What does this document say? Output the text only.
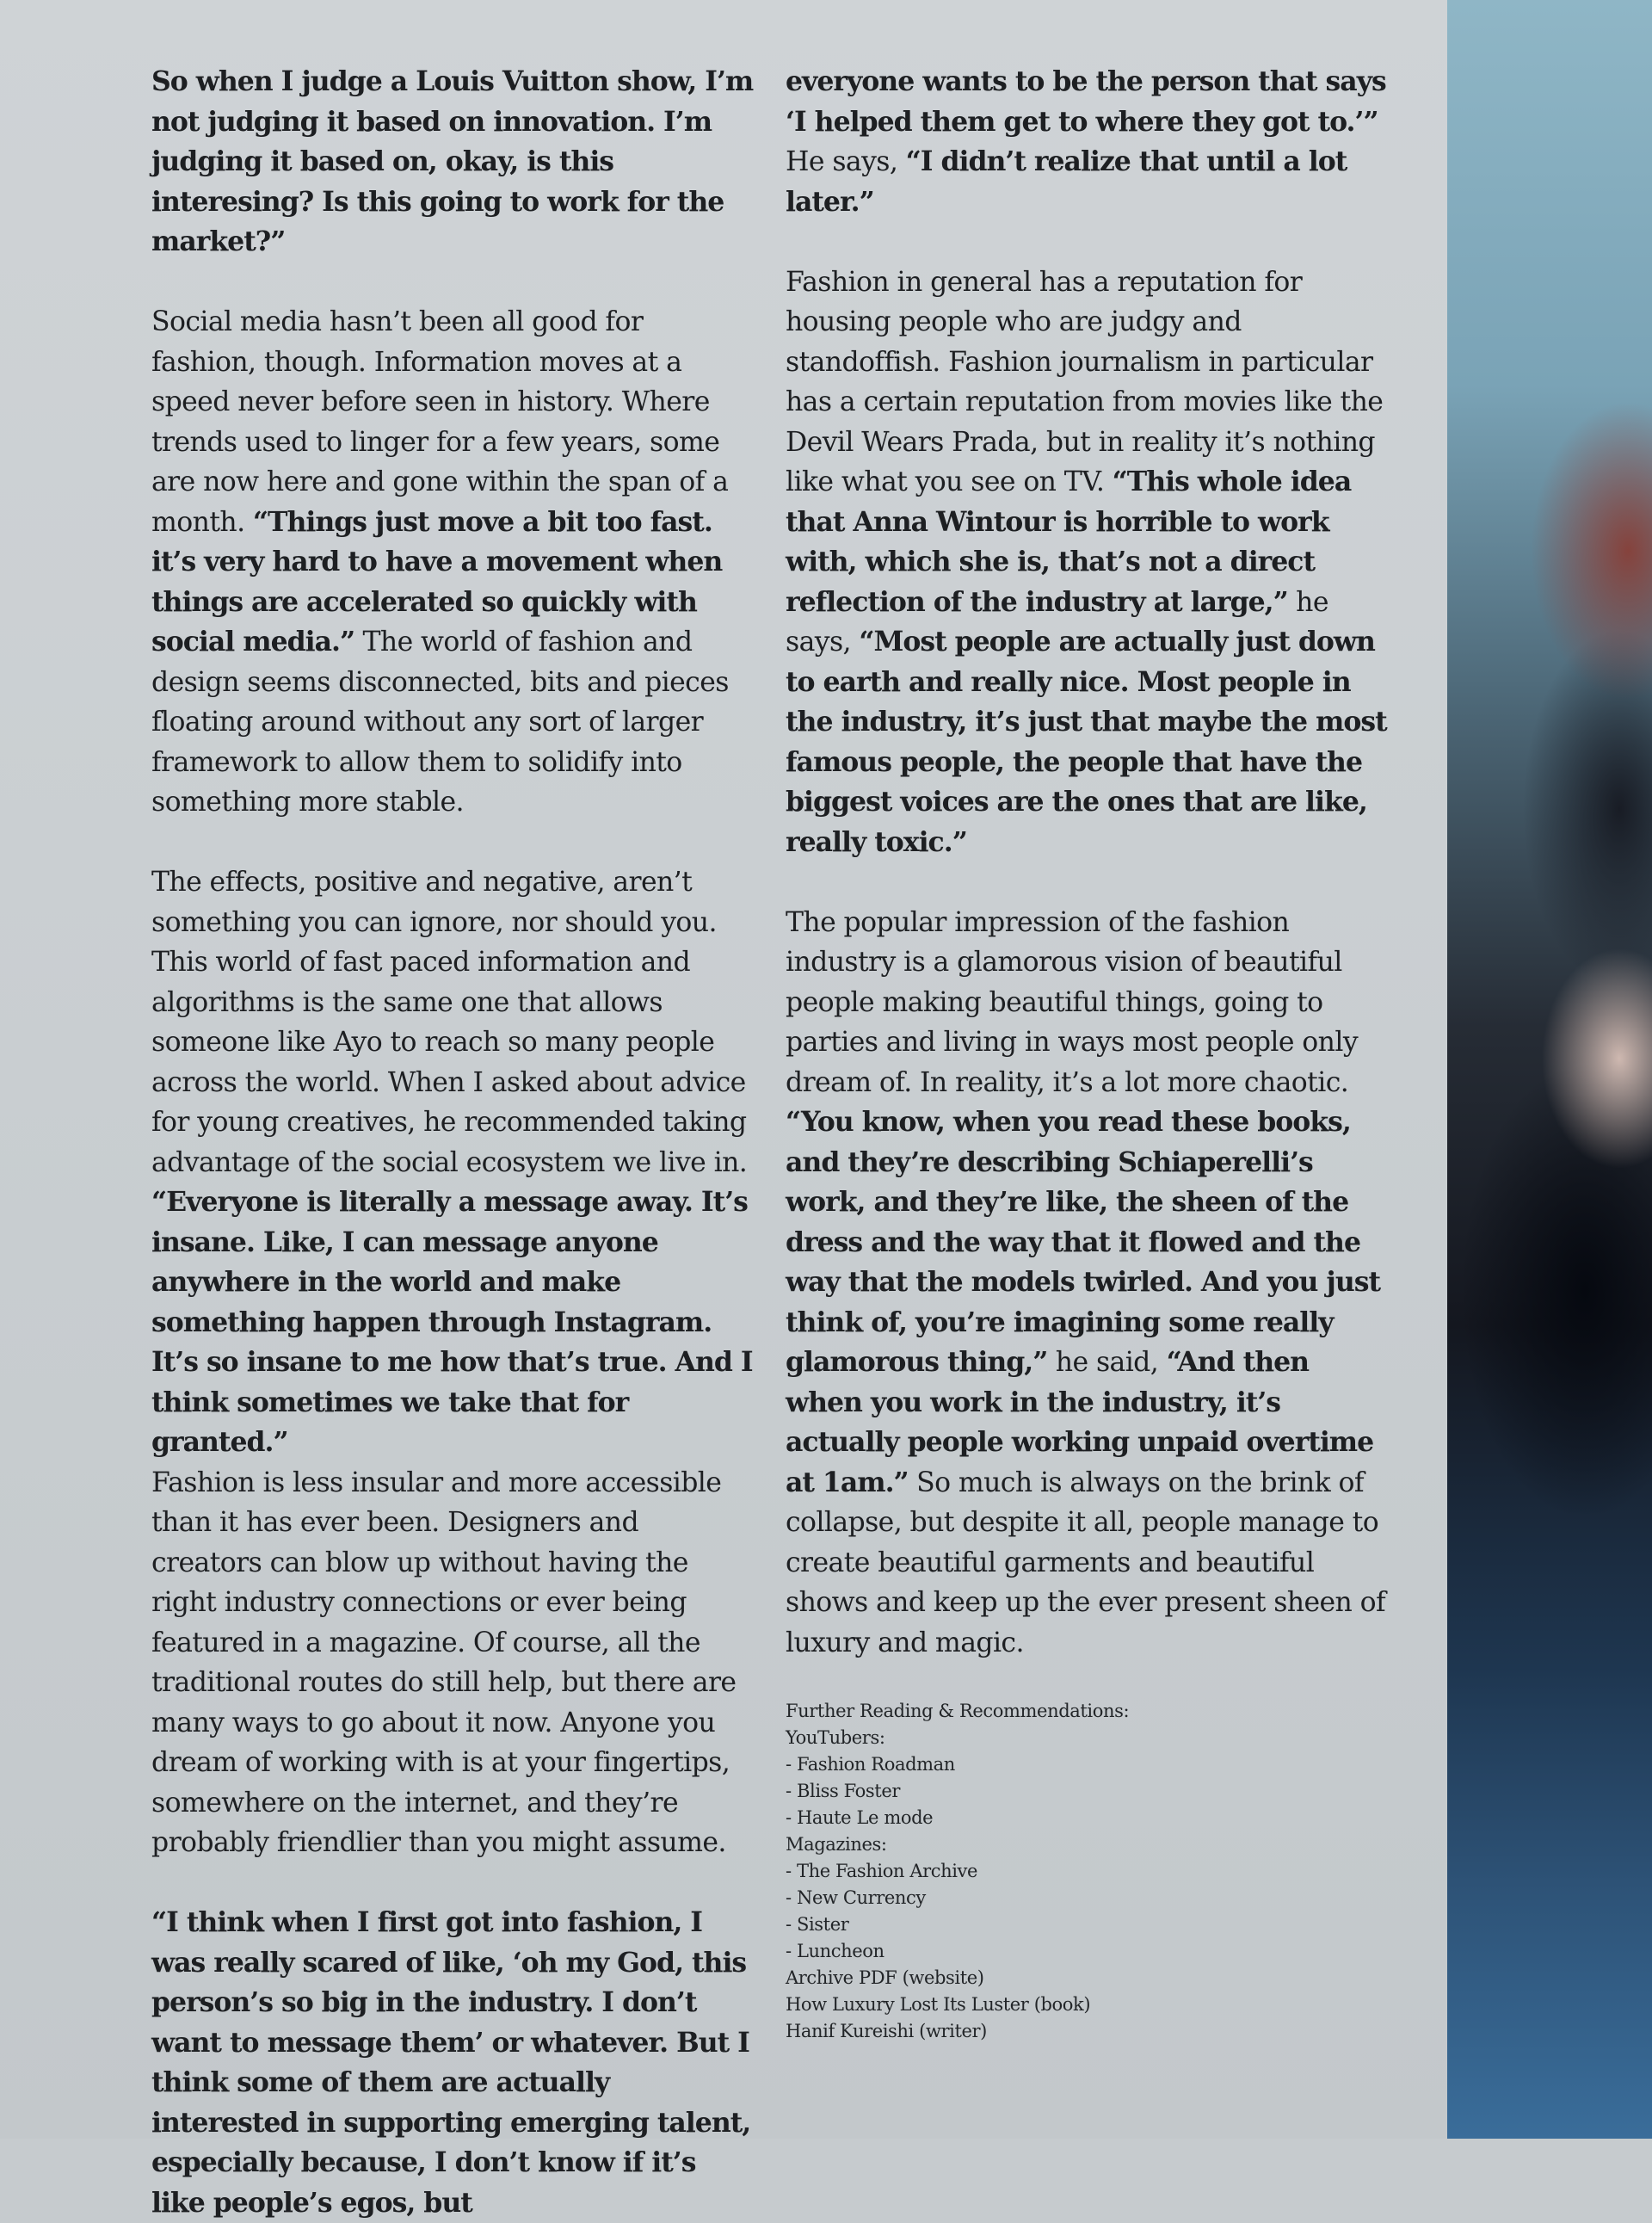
So when I judge a Louis Vuitton show, I’m not judging it based on innovation. I’m judging it based on, okay, is this interesing? Is this going to work for the market?”

Social media hasn’t been all good for fashion, though. Information moves at a speed never before seen in history. Where trends used to linger for a few years, some are now here and gone within the span of a month. “Things just move a bit too fast. it’s very hard to have a movement when things are accelerated so quickly with social media.” The world of fashion and design seems disconnected, bits and pieces floating around without any sort of larger framework to allow them to solidify into something more stable.

The effects, positive and negative, aren’t something you can ignore, nor should you. This world of fast paced information and algorithms is the same one that allows someone like Ayo to reach so many people across the world. When I asked about advice for young creatives, he recommended taking advantage of the social ecosystem we live in. “Everyone is literally a message away. It’s insane. Like, I can message anyone anywhere in the world and make something happen through Instagram. It’s so insane to me how that’s true. And I think sometimes we take that for granted.”

Fashion is less insular and more accessible than it has ever been. Designers and creators can blow up without having the right industry connections or ever being featured in a magazine. Of course, all the traditional routes do still help, but there are many ways to go about it now. Anyone you dream of working with is at your fingertips, somewhere on the internet, and they’re probably friendlier than you might assume.

“I think when I first got into fashion, I was really scared of like, ‘oh my God, this person’s so big in the industry. I don’t want to message them’ or whatever. But I think some of them are actually interested in supporting emerging talent, especially because, I don’t know if it’s like people’s egos, but

everyone wants to be the person that says ‘I helped them get to where they got to.’” He says, “I didn’t realize that until a lot later.”

Fashion in general has a reputation for housing people who are judgy and standoffish. Fashion journalism in particular has a certain reputation from movies like the Devil Wears Prada, but in reality it’s nothing like what you see on TV. “This whole idea that Anna Wintour is horrible to work with, which she is, that’s not a direct reflection of the industry at large,” he says, “Most people are actually just down to earth and really nice. Most people in the industry, it’s just that maybe the most famous people, the people that have the biggest voices are the ones that are like, really toxic.”

The popular impression of the fashion industry is a glamorous vision of beautiful people making beautiful things, going to parties and living in ways most people only dream of. In reality, it’s a lot more chaotic. “You know, when you read these books, and they’re describing Schiaperelli’s work, and they’re like, the sheen of the dress and the way that it flowed and the way that the models twirled. And you just think of, you’re imagining some really glamorous thing,” he said, “And then when you work in the industry, it’s actually people working unpaid overtime at 1am.” So much is always on the brink of collapse, but despite it all, people manage to create beautiful garments and beautiful shows and keep up the ever present sheen of luxury and magic.

Further Reading & Recommendations:
YouTubers:
- Fashion Roadman
- Bliss Foster
- Haute Le mode
Magazines:
- The Fashion Archive
- New Currency
- Sister
- Luncheon
Archive PDF (website)
How Luxury Lost Its Luster (book)
Hanif Kureishi (writer)
